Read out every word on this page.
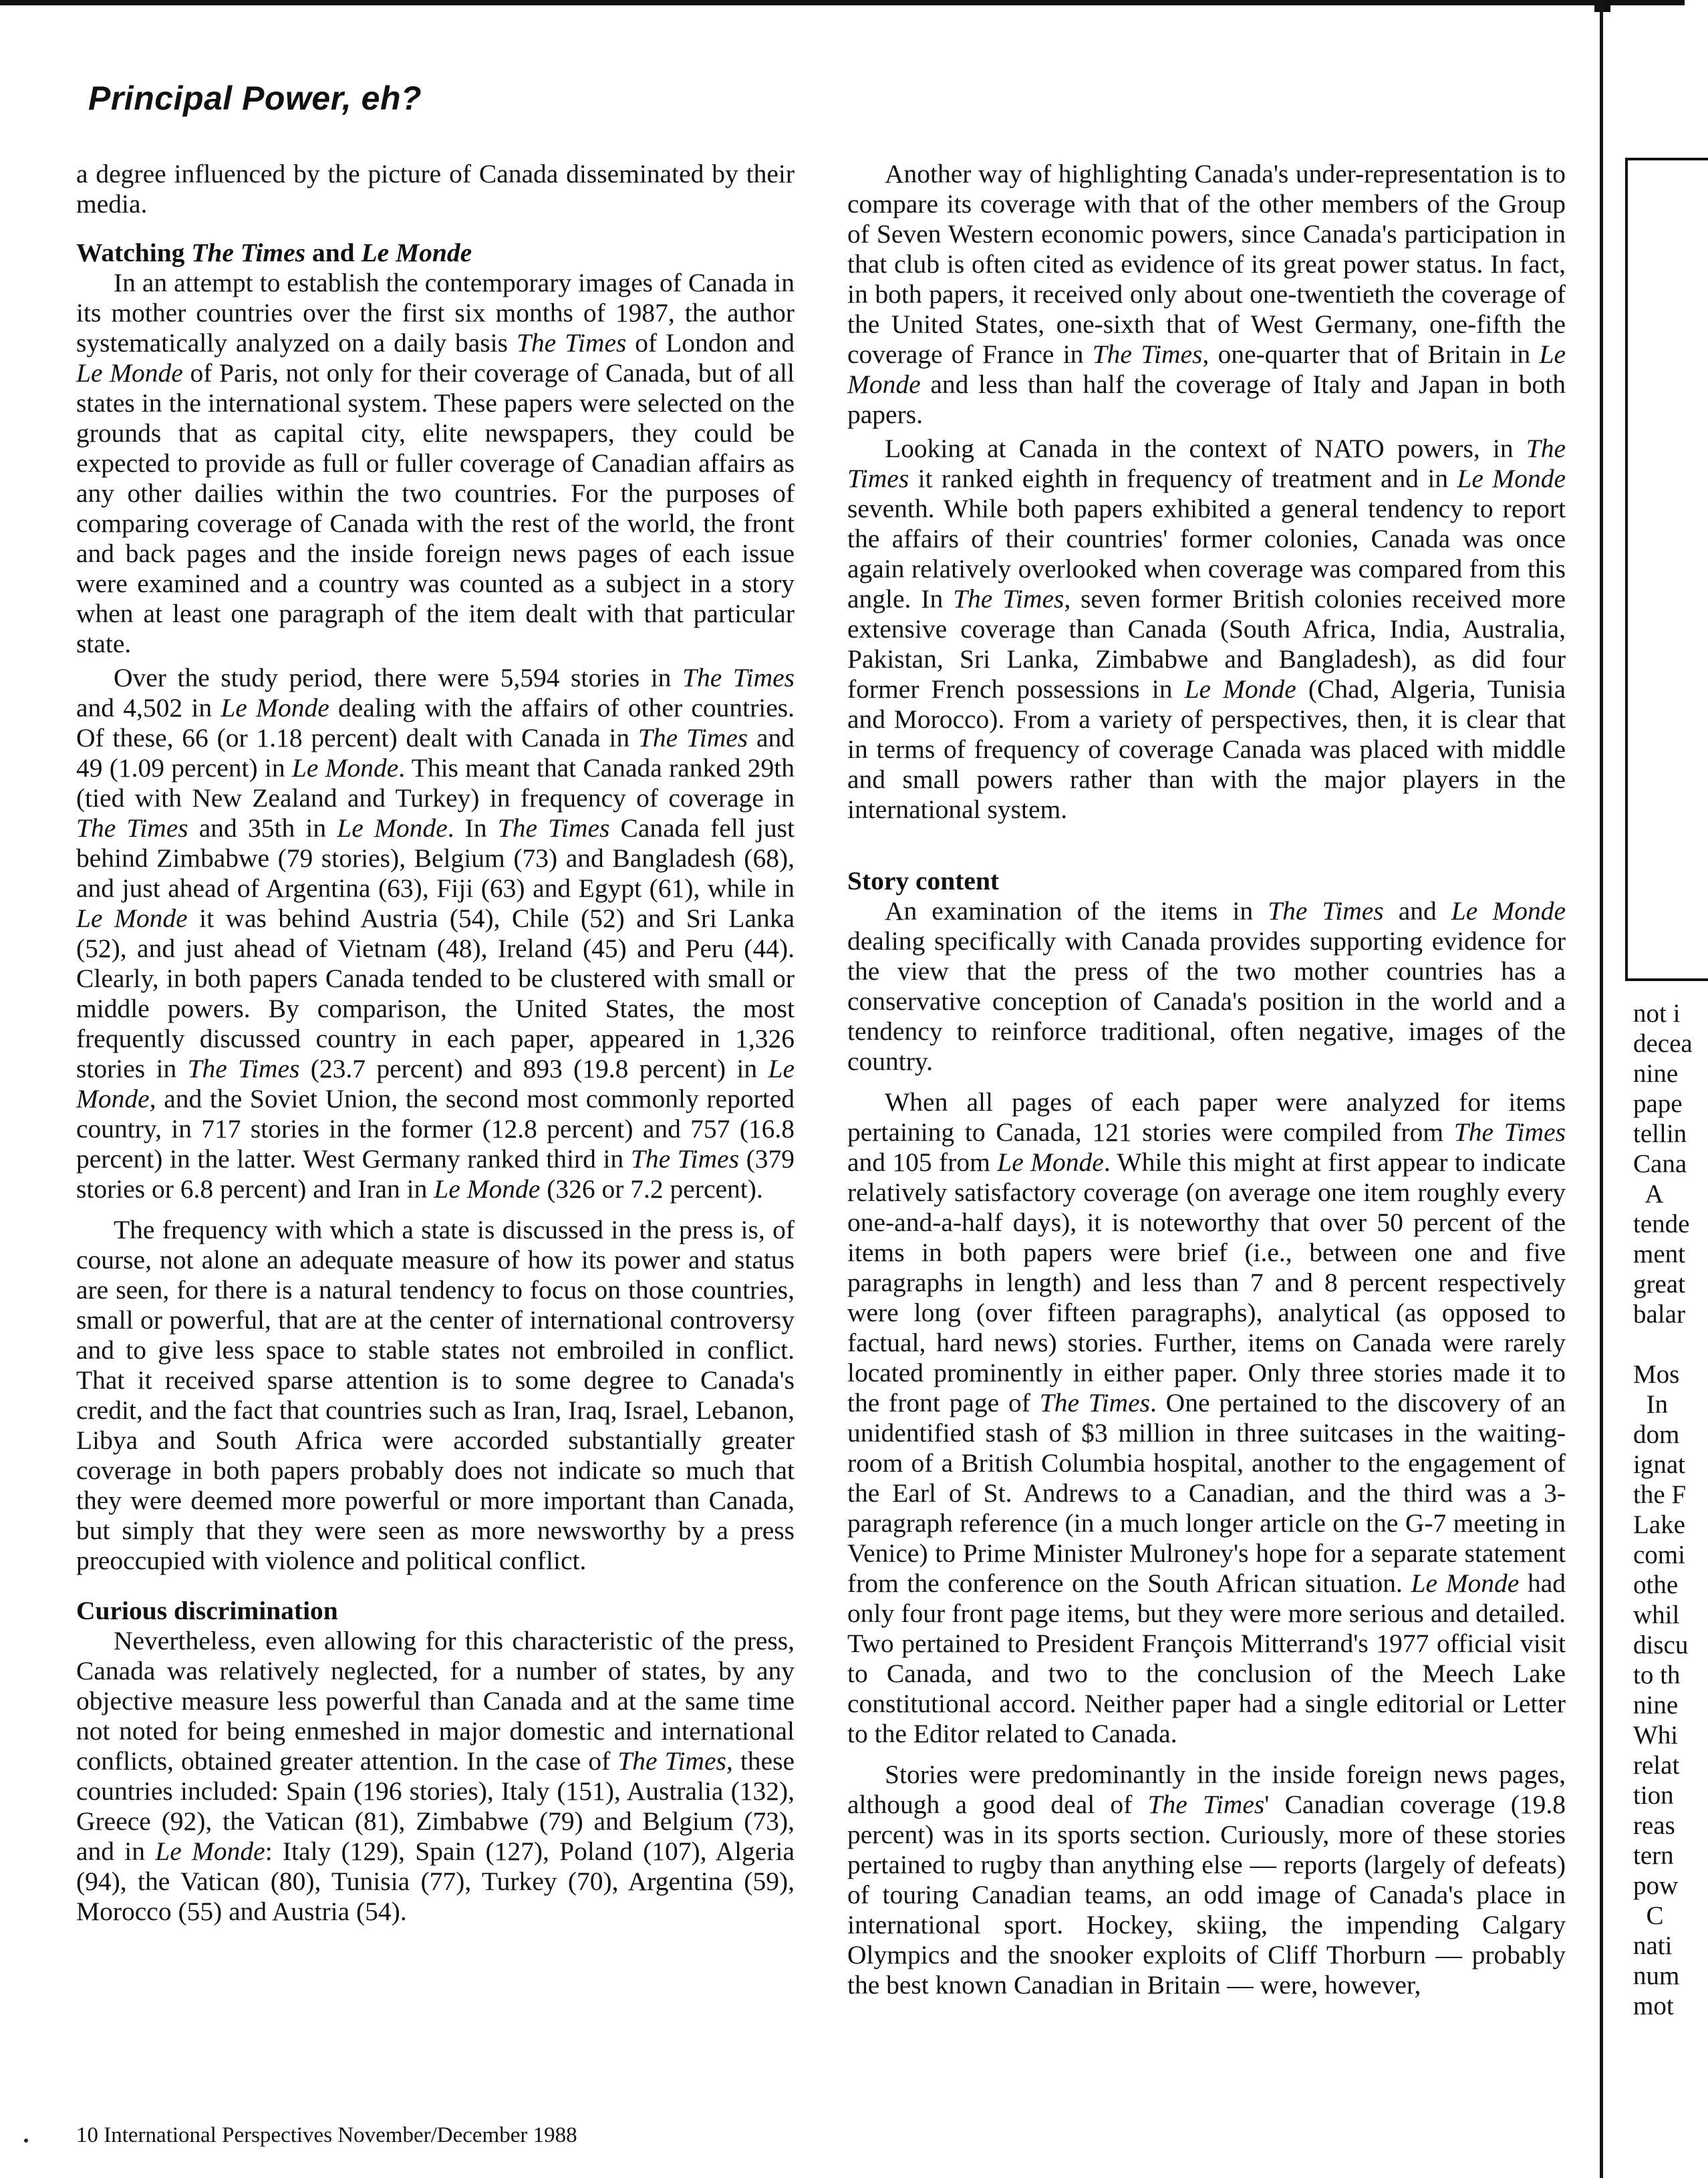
Principal Power, eh?

a degree influenced by the picture of Canada disseminated by their media.

Watching The Times and Le Monde

In an attempt to establish the contemporary images of Canada in its mother countries over the first six months of 1987, the author systematically analyzed on a daily basis The Times of London and Le Monde of Paris, not only for their coverage of Canada, but of all states in the international system. These papers were selected on the grounds that as capital city, elite newspapers, they could be expected to provide as full or fuller coverage of Canadian affairs as any other dailies within the two countries. For the purposes of comparing coverage of Canada with the rest of the world, the front and back pages and the inside foreign news pages of each issue were examined and a country was counted as a subject in a story when at least one paragraph of the item dealt with that particular state.

Over the study period, there were 5,594 stories in The Times and 4,502 in Le Monde dealing with the affairs of other countries. Of these, 66 (or 1.18 percent) dealt with Canada in The Times and 49 (1.09 percent) in Le Monde. This meant that Canada ranked 29th (tied with New Zealand and Turkey) in frequency of coverage in The Times and 35th in Le Monde. In The Times Canada fell just behind Zimbabwe (79 stories), Belgium (73) and Bangladesh (68), and just ahead of Argentina (63), Fiji (63) and Egypt (61), while in Le Monde it was behind Austria (54), Chile (52) and Sri Lanka (52), and just ahead of Vietnam (48), Ireland (45) and Peru (44). Clearly, in both papers Canada tended to be clustered with small or middle powers. By comparison, the United States, the most frequently discussed country in each paper, appeared in 1,326 stories in The Times (23.7 percent) and 893 (19.8 percent) in Le Monde, and the Soviet Union, the second most commonly reported country, in 717 stories in the former (12.8 percent) and 757 (16.8 percent) in the latter. West Germany ranked third in The Times (379 stories or 6.8 percent) and Iran in Le Monde (326 or 7.2 percent).

The frequency with which a state is discussed in the press is, of course, not alone an adequate measure of how its power and status are seen, for there is a natural tendency to focus on those countries, small or powerful, that are at the center of international controversy and to give less space to stable states not embroiled in conflict. That it received sparse attention is to some degree to Canada's credit, and the fact that countries such as Iran, Iraq, Israel, Lebanon, Libya and South Africa were accorded substantially greater coverage in both papers probably does not indicate so much that they were deemed more powerful or more important than Canada, but simply that they were seen as more newsworthy by a press preoccupied with violence and political conflict.

Curious discrimination

Nevertheless, even allowing for this characteristic of the press, Canada was relatively neglected, for a number of states, by any objective measure less powerful than Canada and at the same time not noted for being enmeshed in major domestic and international conflicts, obtained greater attention. In the case of The Times, these countries included: Spain (196 stories), Italy (151), Australia (132), Greece (92), the Vatican (81), Zimbabwe (79) and Belgium (73), and in Le Monde: Italy (129), Spain (127), Poland (107), Algeria (94), the Vatican (80), Tunisia (77), Turkey (70), Argentina (59), Morocco (55) and Austria (54).

Another way of highlighting Canada's under-representation is to compare its coverage with that of the other members of the Group of Seven Western economic powers, since Canada's participation in that club is often cited as evidence of its great power status. In fact, in both papers, it received only about one-twentieth the coverage of the United States, one-sixth that of West Germany, one-fifth the coverage of France in The Times, one-quarter that of Britain in Le Monde and less than half the coverage of Italy and Japan in both papers.

Looking at Canada in the context of NATO powers, in The Times it ranked eighth in frequency of treatment and in Le Monde seventh. While both papers exhibited a general tendency to report the affairs of their countries' former colonies, Canada was once again relatively overlooked when coverage was compared from this angle. In The Times, seven former British colonies received more extensive coverage than Canada (South Africa, India, Australia, Pakistan, Sri Lanka, Zimbabwe and Bangladesh), as did four former French possessions in Le Monde (Chad, Algeria, Tunisia and Morocco). From a variety of perspectives, then, it is clear that in terms of frequency of coverage Canada was placed with middle and small powers rather than with the major players in the international system.

Story content

An examination of the items in The Times and Le Monde dealing specifically with Canada provides supporting evidence for the view that the press of the two mother countries has a conservative conception of Canada's position in the world and a tendency to reinforce traditional, often negative, images of the country.

When all pages of each paper were analyzed for items pertaining to Canada, 121 stories were compiled from The Times and 105 from Le Monde. While this might at first appear to indicate relatively satisfactory coverage (on average one item roughly every one-and-a-half days), it is noteworthy that over 50 percent of the items in both papers were brief (i.e., between one and five paragraphs in length) and less than 7 and 8 percent respectively were long (over fifteen paragraphs), analytical (as opposed to factual, hard news) stories. Further, items on Canada were rarely located prominently in either paper. Only three stories made it to the front page of The Times. One pertained to the discovery of an unidentified stash of $3 million in three suitcases in the waiting-room of a British Columbia hospital, another to the engagement of the Earl of St. Andrews to a Canadian, and the third was a 3-paragraph reference (in a much longer article on the G-7 meeting in Venice) to Prime Minister Mulroney's hope for a separate statement from the conference on the South African situation. Le Monde had only four front page items, but they were more serious and detailed. Two pertained to President François Mitterrand's 1977 official visit to Canada, and two to the conclusion of the Meech Lake constitutional accord. Neither paper had a single editorial or Letter to the Editor related to Canada.

Stories were predominantly in the inside foreign news pages, although a good deal of The Times' Canadian coverage (19.8 percent) was in its sports section. Curiously, more of these stories pertained to rugby than anything else — reports (largely of defeats) of touring Canadian teams, an odd image of Canada's place in international sport. Hockey, skiing, the impending Calgary Olympics and the snooker exploits of Cliff Thorburn — probably the best known Canadian in Britain — were, however,

not i
decea
nine
pape
tellin
Cana
A
tende
ment
great
balar
Mos
In
dom
ignat
the F
Lake
comi
othe
whil
discu
to th
nine
Whi
relat
tion
reas
tern
pow
C
nati
num
mot
10 International Perspectives November/December 1988
